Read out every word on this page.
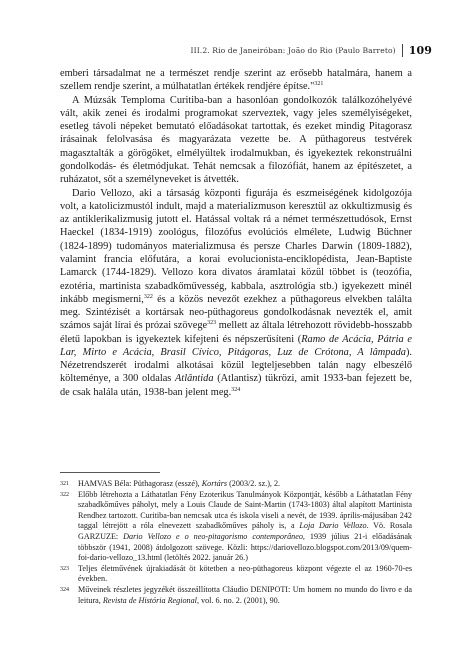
III.2. Rio de Janeiróban: João do Rio (Paulo Barreto)	109

emberi társadalmat ne a természet rendje szerint az erősebb hatalmára, hanem a szellem rendje szerint, a múlhatatlan értékek rendjére építse."$^{321}$

A Múzsák Temploma Curitiba-ban a hasonlóan gondolkozók találkozóhelyévé vált, akik zenei és irodalmi programokat szerveztek, vagy jeles személyiségeket, esetleg távoli népeket bemutató előadásokat tartottak, és ezeket mindig Pitagorasz írásainak felolvasása és magyarázata vezette be. A püthagoreus testvérek magasztalták a görögöket, elmélyültek irodalmukban, és igyekeztek rekonstruálni gondolkodás- és életmódjukat. Tehát nemcsak a filozófiát, hanem az építészetet, a ruházatot, sőt a személyneveket is átvették.

Dario Vellozo, aki a társaság központi figurája és eszmeiségének kidolgozója volt, a katolicizmustól indult, majd a materializmuson keresztül az okkultizmusig és az antiklerikalizmusig jutott el. Hatással voltak rá a német természettudósok, Ernst Haeckel (1834-1919) zoológus, filozófus evolúciós elmélete, Ludwig Büchner (1824-1899) tudományos materializmusa és persze Charles Darwin (1809-1882), valamint francia előfutára, a korai evolucionista-enciklopédista, Jean-Baptiste Lamarck (1744-1829). Vellozo kora divatos áramlatai közül többet is (teozófia, ezotéria, martinista szabadkőművesség, kabbala, asztrológia stb.) igyekezett minél inkább megismerni,$^{322}$ és a közös nevezőt ezekhez a püthagoreus elvekben találta meg. Szintézisét a kortársak neo-püthagoreus gondolkodásnak nevezték el, amit számos saját lírai és prózai szövege$^{323}$ mellett az általa létrehozott rövidebb-hosszabb életű lapokban is igyekeztek kifejteni és népszerűsíteni (Ramo de Acácia, Pátria e Lar, Mirto e Acácia, Brasil Cívico, Pitágoras, Luz de Crótona, A lâmpada). Nézetrendszerét irodalmi alkotásai közül legteljesebben talán nagy elbeszélő költeménye, a 300 oldalas Atlântida (Atlantisz) tükrözi, amit 1933-ban fejezett be, de csak halála után, 1938-ban jelent meg.$^{324}$

321	HAMVAS Béla: Püthagorasz (esszé), Kortárs (2003/2. sz.), 2.
322	Előbb létrehozta a Láthatatlan Fény Ezoterikus Tanulmányok Központját, később a Láthatatlan Fény szabadkőműves páholyt, mely a Louis Claude de Saint-Martin (1743-1803) által alapított Martinista Rendhez tartozott. Curitiba-ban nemcsak utca és iskola viseli a nevét, de 1939. április-májusában 242 taggal létrejött a róla elnevezett szabadkőműves páholy is, a Loja Dario Vellozo. Vö. Rosala GARZUZE: Dario Vellozo e o neo-pitagorismo contemporâneo, 1939 július 21-i előadásának többször (1941, 2008) átdolgozott szövege. Közli: https://dariovellozo.blogspot.com/2013/09/quem-foi-dario-vellozo_13.html (letöltés 2022. január 26.)
323	Teljes életművének újrakiadását öt kötetben a neo-püthagoreus központ végezte el az 1960-70-es években.
324	Műveinek részletes jegyzékét összeállította Cláudio DENIPOTI: Um homem no mundo do livro e da leitura, Revista de História Regional, vol. 6. no. 2. (2001), 90.
